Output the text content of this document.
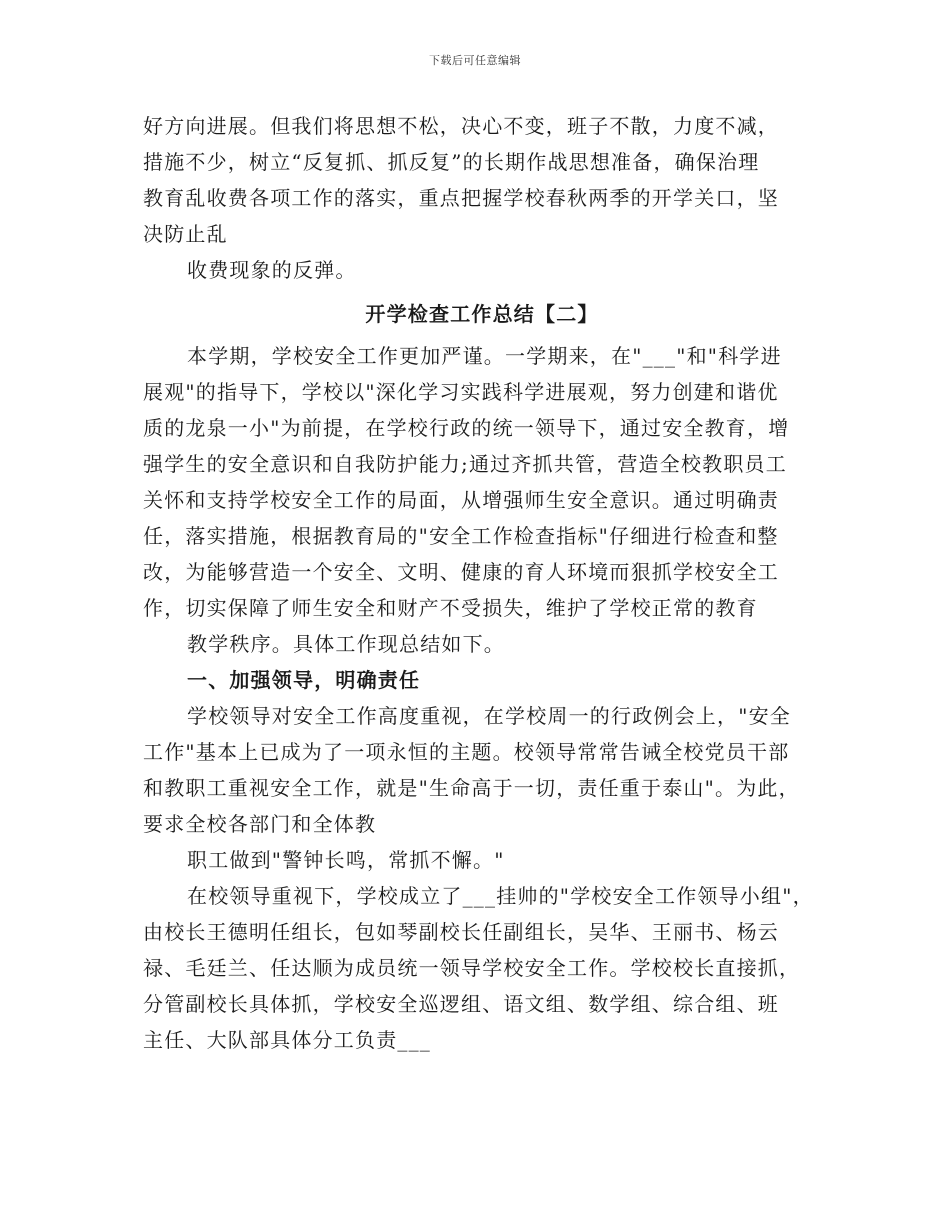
下载后可任意编辑
好方向进展。但我们将思想不松，决心不变，班子不散，力度不减，
措施不少，树立“反复抓、抓反复”的长期作战思想准备，确保治理
教育乱收费各项工作的落实，重点把握学校春秋两季的开学关口，坚
决防止乱
收费现象的反弹。
开学检查工作总结【二】
本学期，学校安全工作更加严谨。一学期来，在"___"和"科学进
展观"的指导下，学校以"深化学习实践科学进展观，努力创建和谐优
质的龙泉一小"为前提，在学校行政的统一领导下，通过安全教育，增
强学生的安全意识和自我防护能力;通过齐抓共管，营造全校教职员工
关怀和支持学校安全工作的局面，从增强师生安全意识。通过明确责
任，落实措施，根据教育局的"安全工作检查指标"仔细进行检查和整
改，为能够营造一个安全、文明、健康的育人环境而狠抓学校安全工
作，切实保障了师生安全和财产不受损失，维护了学校正常的教育
教学秩序。具体工作现总结如下。
一、加强领导，明确责任
学校领导对安全工作高度重视，在学校周一的行政例会上，"安全
工作"基本上已成为了一项永恒的主题。校领导常常告诫全校党员干部
和教职工重视安全工作，就是"生命高于一切，责任重于泰山"。为此，
要求全校各部门和全体教
职工做到"警钟长鸣，常抓不懈。"
在校领导重视下，学校成立了___挂帅的"学校安全工作领导小组"，
由校长王德明任组长，包如琴副校长任副组长，吴华、王丽书、杨云
禄、毛廷兰、任达顺为成员统一领导学校安全工作。学校校长直接抓，
分管副校长具体抓，学校安全巡逻组、语文组、数学组、综合组、班
主任、大队部具体分工负责___
